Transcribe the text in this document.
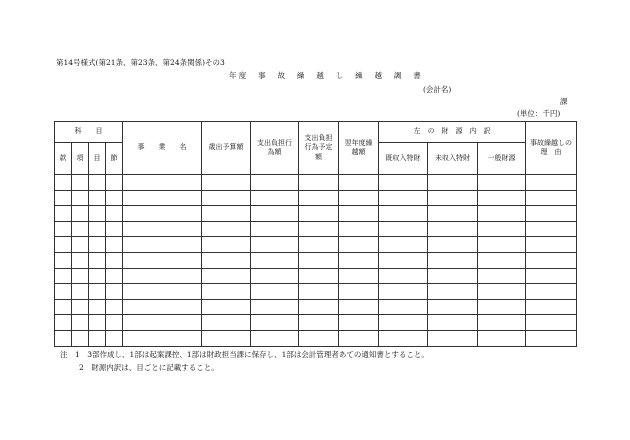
第14号様式(第21条、第23条、第24条関係)その3
年度　事　故　繰　越　し　繰　越　調　書
(会計名)
課
(単位：千円)
科　　目				事　　業　　名	歳出予算額	支出負担行為額	支出負担行為予定額	翌年度繰越額	左　の　財　源　内　訳			事故繰越しの　理　由
款	項	目	節						既収入特財	未収入特財	一般財源	

注　1　3部作成し、1部は起案課控、1部は財政担当課に保存し、1部は会計管理者あての通知書とすること。
2　財源内訳は、目ごとに記載すること。
